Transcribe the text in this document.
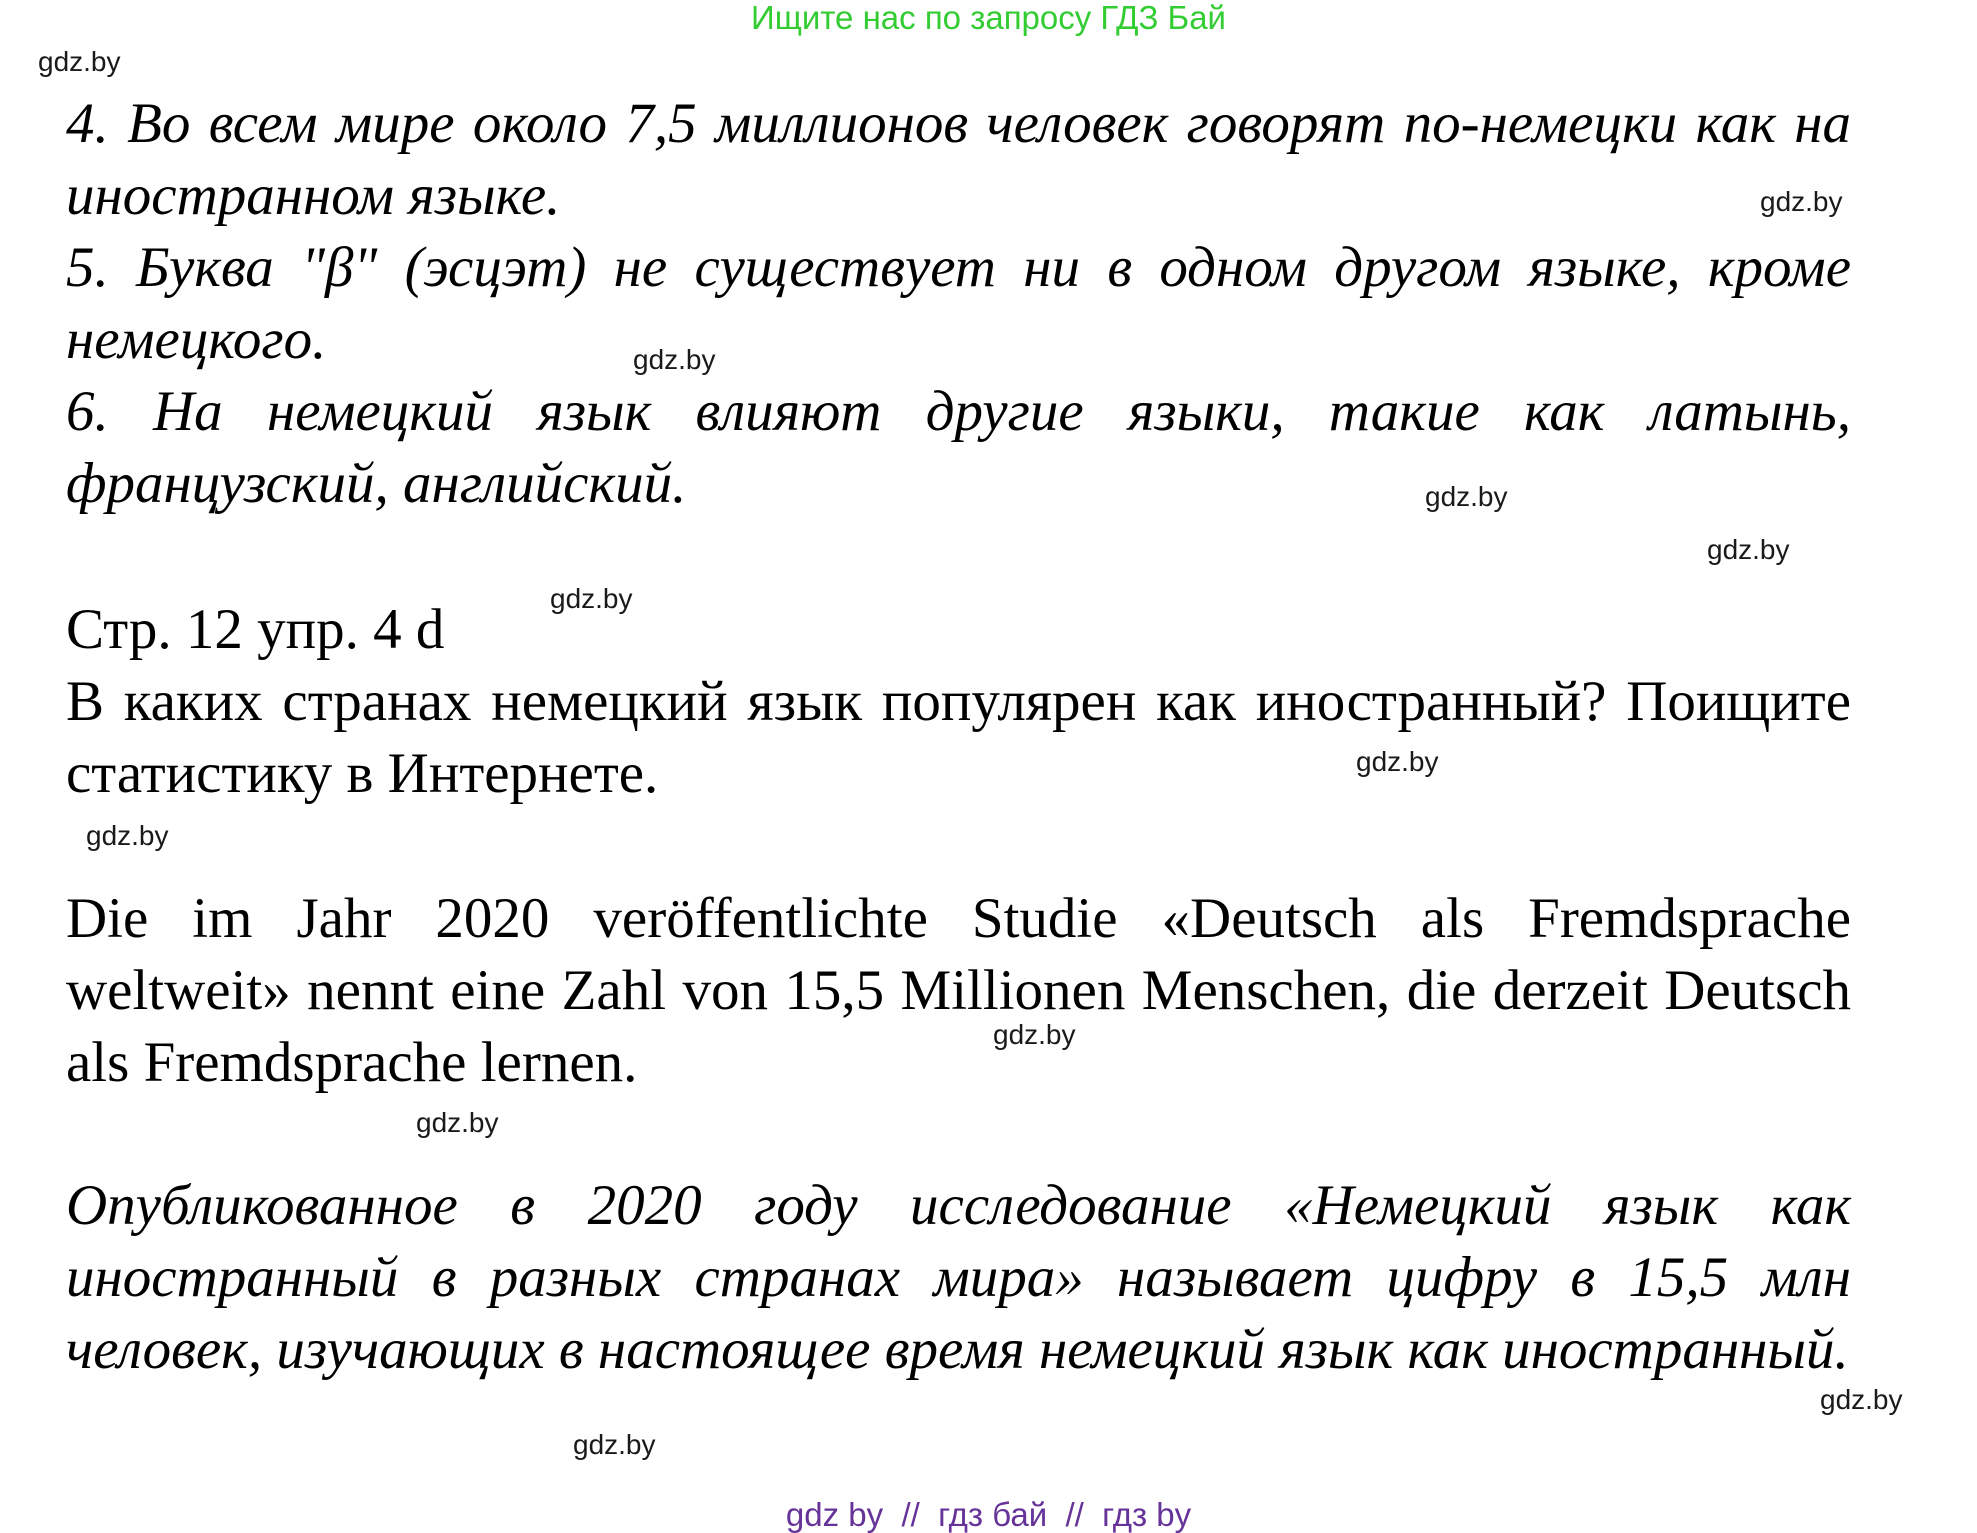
Ищите нас по запросу ГДЗ Бай
gdz.by
gdz.by
gdz.by
gdz.by
gdz.by
gdz.by
gdz.by
gdz.by
gdz.by
gdz.by
gdz.by
gdz.by
4. Во всем мире около 7,5 миллионов человек говорят по-немецки как на иностранном языке.
5. Буква "β" (эсцэт) не существует ни в одном другом языке, кроме немецкого.
6. На немецкий язык влияют другие языки, такие как латынь, французский, английский.
Стр. 12 упр. 4 d
В каких странах немецкий язык популярен как иностранный? Поищите статистику в Интернете.
Die im Jahr 2020 veröffentlichte Studie «Deutsch als Fremdsprache weltweit» nennt eine Zahl von 15,5 Millionen Menschen, die derzeit Deutsch als Fremdsprache lernen.
Опубликованное в 2020 году исследование «Немецкий язык как иностранный в разных странах мира» называет цифру в 15,5 млн человек, изучающих в настоящее время немецкий язык как иностранный.
gdz by  //  гдз бай  //  гдз by
